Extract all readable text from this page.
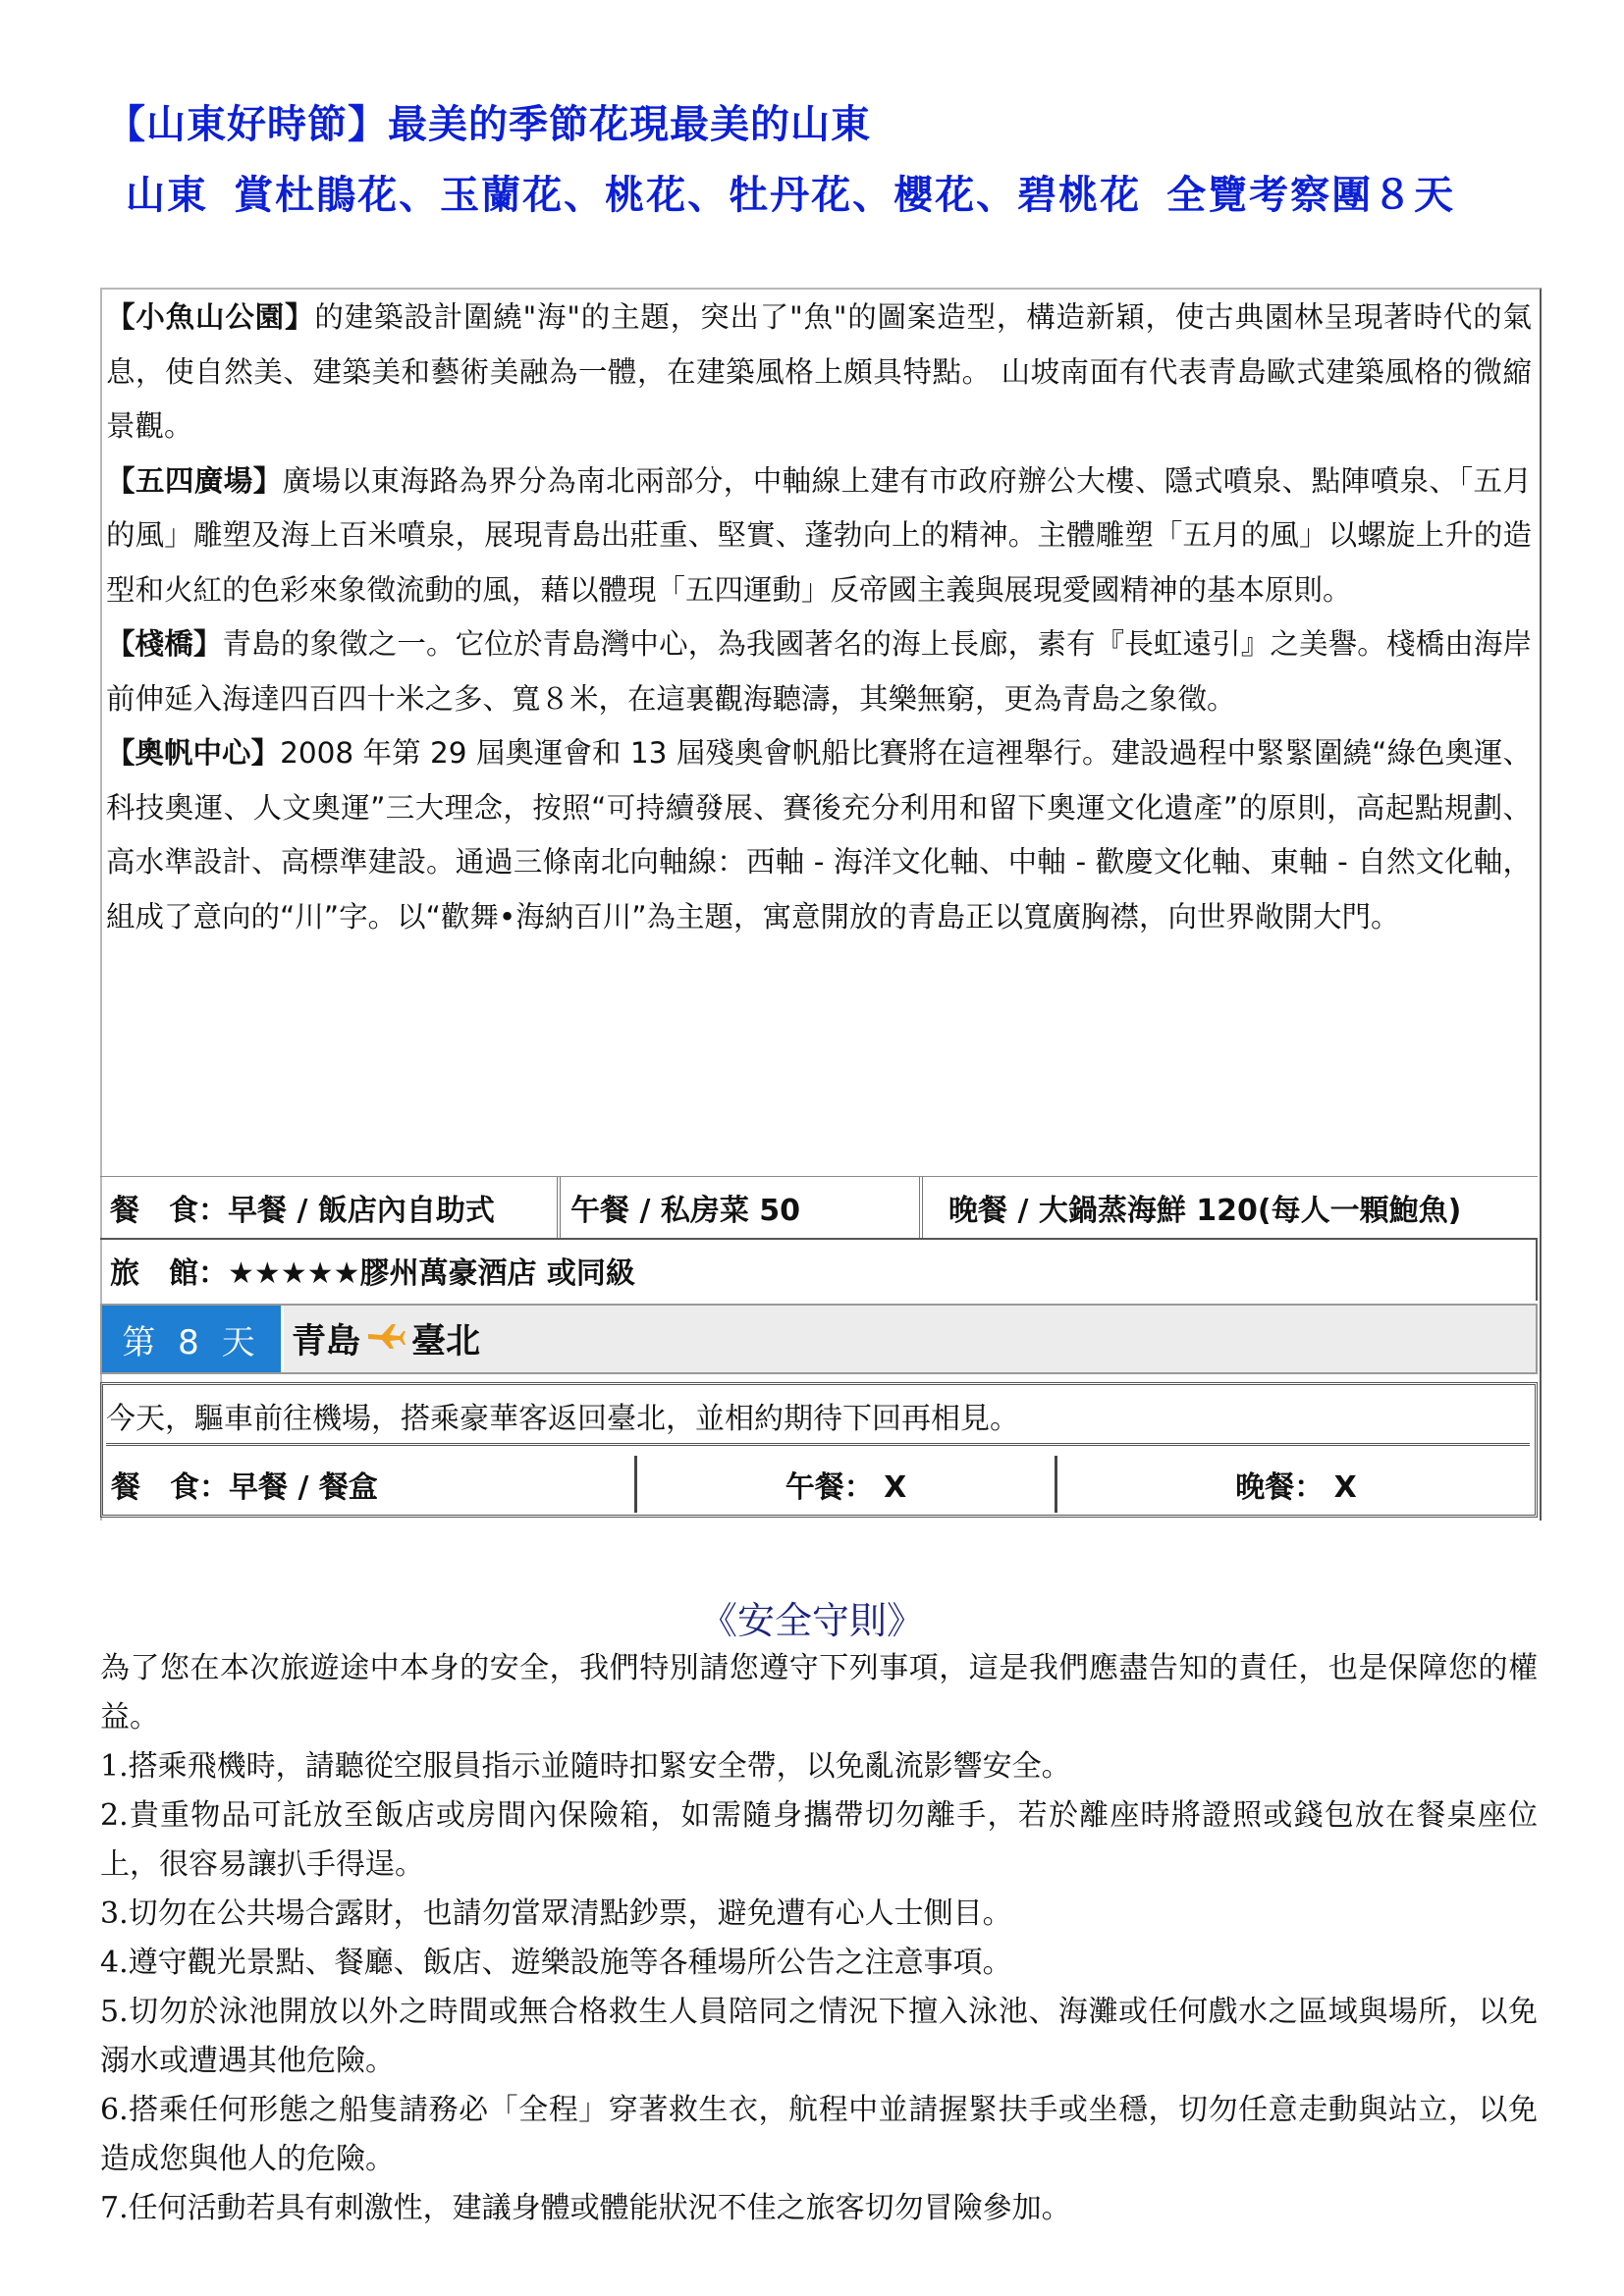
【山東好時節】最美的季節花現最美的山東
山東 賞杜鵑花、玉蘭花、桃花、牡丹花、櫻花、碧桃花 全覽考察團８天

【小魚山公園】的建築設計圍繞"海"的主題，突出了"魚"的圖案造型，構造新穎，使古典園林呈現著時代的氣息，使自然美、建築美和藝術美融為一體，在建築風格上頗具特點。 山坡南面有代表青島歐式建築風格的微縮景觀。

【五四廣場】廣場以東海路為界分為南北兩部分，中軸線上建有市政府辦公大樓、隱式噴泉、點陣噴泉、「五月的風」雕塑及海上百米噴泉，展現青島出莊重、堅實、蓬勃向上的精神。主體雕塑「五月的風」以螺旋上升的造型和火紅的色彩來象徵流動的風，藉以體現「五四運動」反帝國主義與展現愛國精神的基本原則。

【棧橋】青島的象徵之一。它位於青島灣中心，為我國著名的海上長廊，素有『長虹遠引』之美譽。棧橋由海岸前伸延入海達四百四十米之多、寬８米，在這裏觀海聽濤，其樂無窮，更為青島之象徵。

【奧帆中心】2008 年第 29 屆奧運會和 13 屆殘奧會帆船比賽將在這裡舉行。建設過程中緊緊圍繞“綠色奧運、科技奧運、人文奧運”三大理念，按照“可持續發展、賽後充分利用和留下奧運文化遺產”的原則，高起點規劃、高水準設計、高標準建設。通過三條南北向軸線：西軸 - 海洋文化軸、中軸 - 歡慶文化軸、東軸 - 自然文化軸，組成了意向的“川”字。以“歡舞•海納百川”為主題，寓意開放的青島正以寬廣胸襟，向世界敞開大門。

餐　食：早餐 / 飯店內自助式	午餐 / 私房菜 50	晚餐 / 大鍋蒸海鮮 120(每人一顆鮑魚)
旅　館：★★★★★膠州萬豪酒店 或同級
第 8 天 青島 臺北
今天，驅車前往機場，搭乘豪華客返回臺北，並相約期待下回再相見。
餐　食：早餐 / 餐盒	午餐： X	晚餐： X
《安全守則》

為了您在本次旅遊途中本身的安全，我們特別請您遵守下列事項，這是我們應盡告知的責任，也是保障您的權益。

1.搭乘飛機時，請聽從空服員指示並隨時扣緊安全帶，以免亂流影響安全。

2.貴重物品可託放至飯店或房間內保險箱，如需隨身攜帶切勿離手，若於離座時將證照或錢包放在餐桌座位上，很容易讓扒手得逞。

3.切勿在公共場合露財，也請勿當眾清點鈔票，避免遭有心人士側目。

4.遵守觀光景點、餐廳、飯店、遊樂設施等各種場所公告之注意事項。

5.切勿於泳池開放以外之時間或無合格救生人員陪同之情況下擅入泳池、海灘或任何戲水之區域與場所，以免溺水或遭遇其他危險。

6.搭乘任何形態之船隻請務必「全程」穿著救生衣，航程中並請握緊扶手或坐穩，切勿任意走動與站立，以免造成您與他人的危險。

7.任何活動若具有刺激性，建議身體或體能狀況不佳之旅客切勿冒險參加。
